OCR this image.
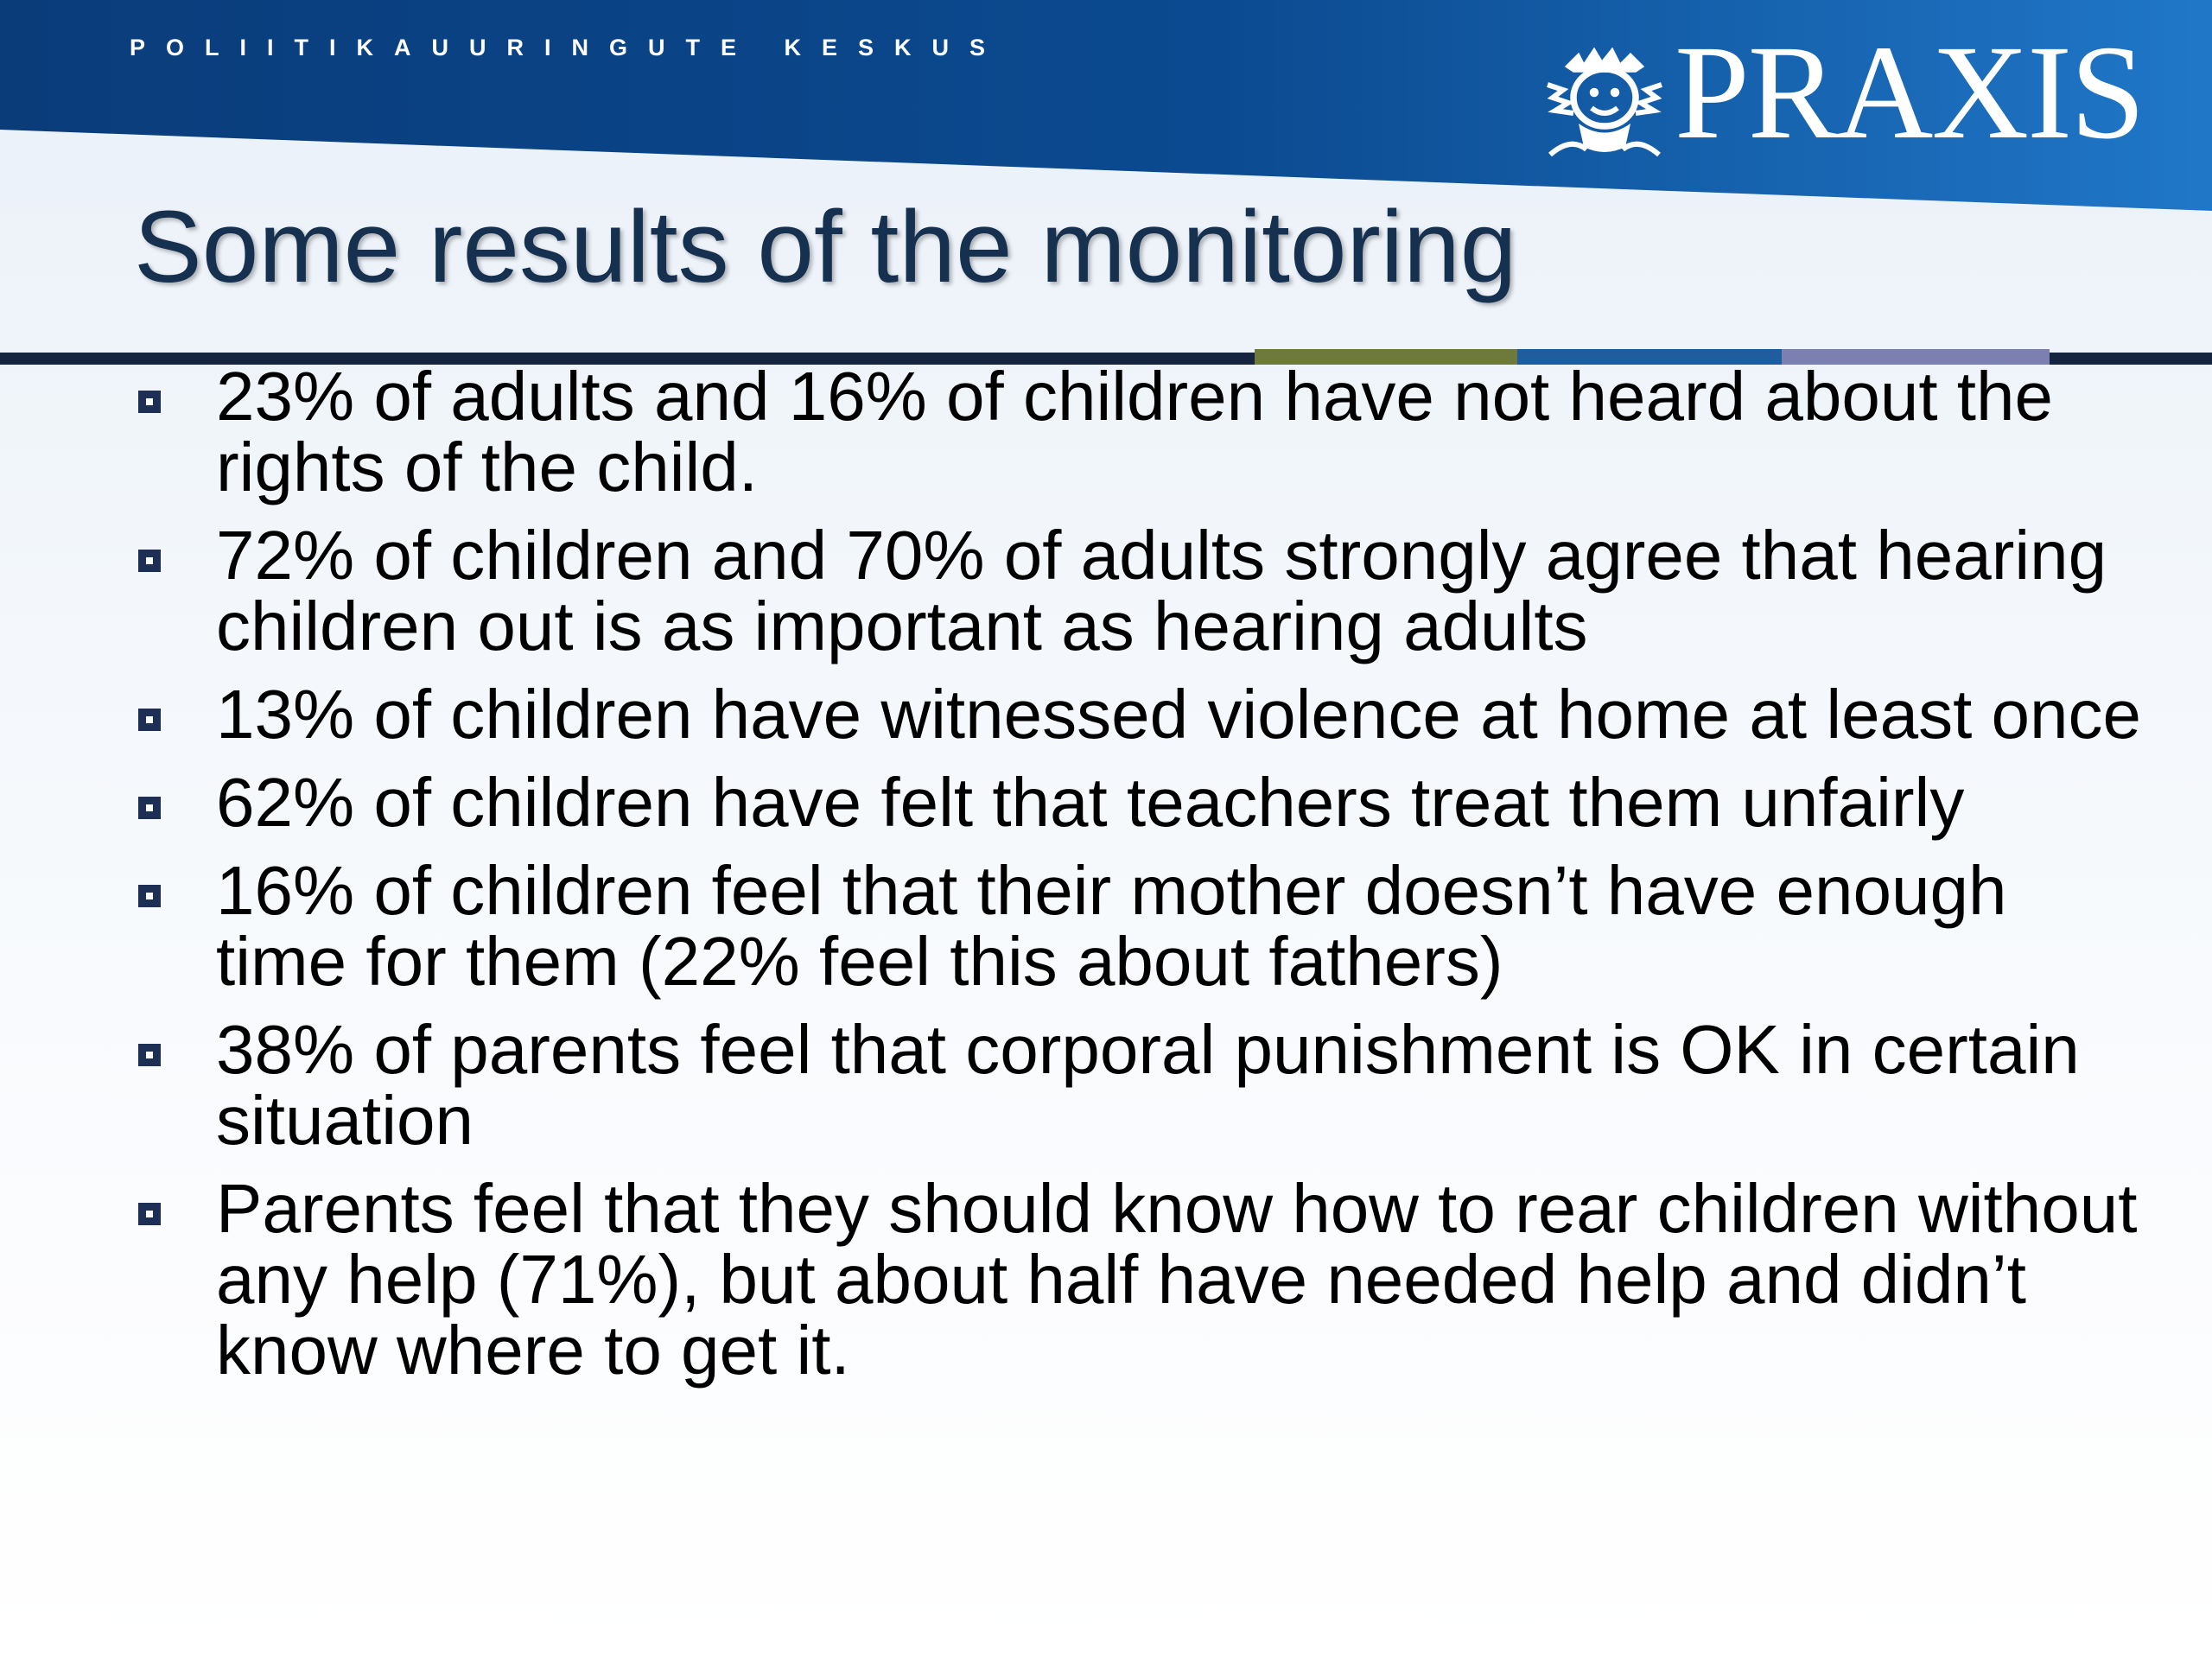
POLIITIKAUURINGUTE KESKUS	PRAXIS
Some results of the monitoring
23% of adults and 16% of children have not heard about the rights of the child.
72% of children and 70% of adults strongly agree that hearing children out is as important as hearing adults
13% of children have witnessed violence at home at least once
62% of children have felt that teachers treat them unfairly
16% of children feel that their mother doesn’t have enough time for them (22% feel this about fathers)
38% of parents feel that corporal punishment is OK in certain situation
Parents feel that they should know how to rear children without any help (71%), but about half have needed help and didn’t know where to get it.
